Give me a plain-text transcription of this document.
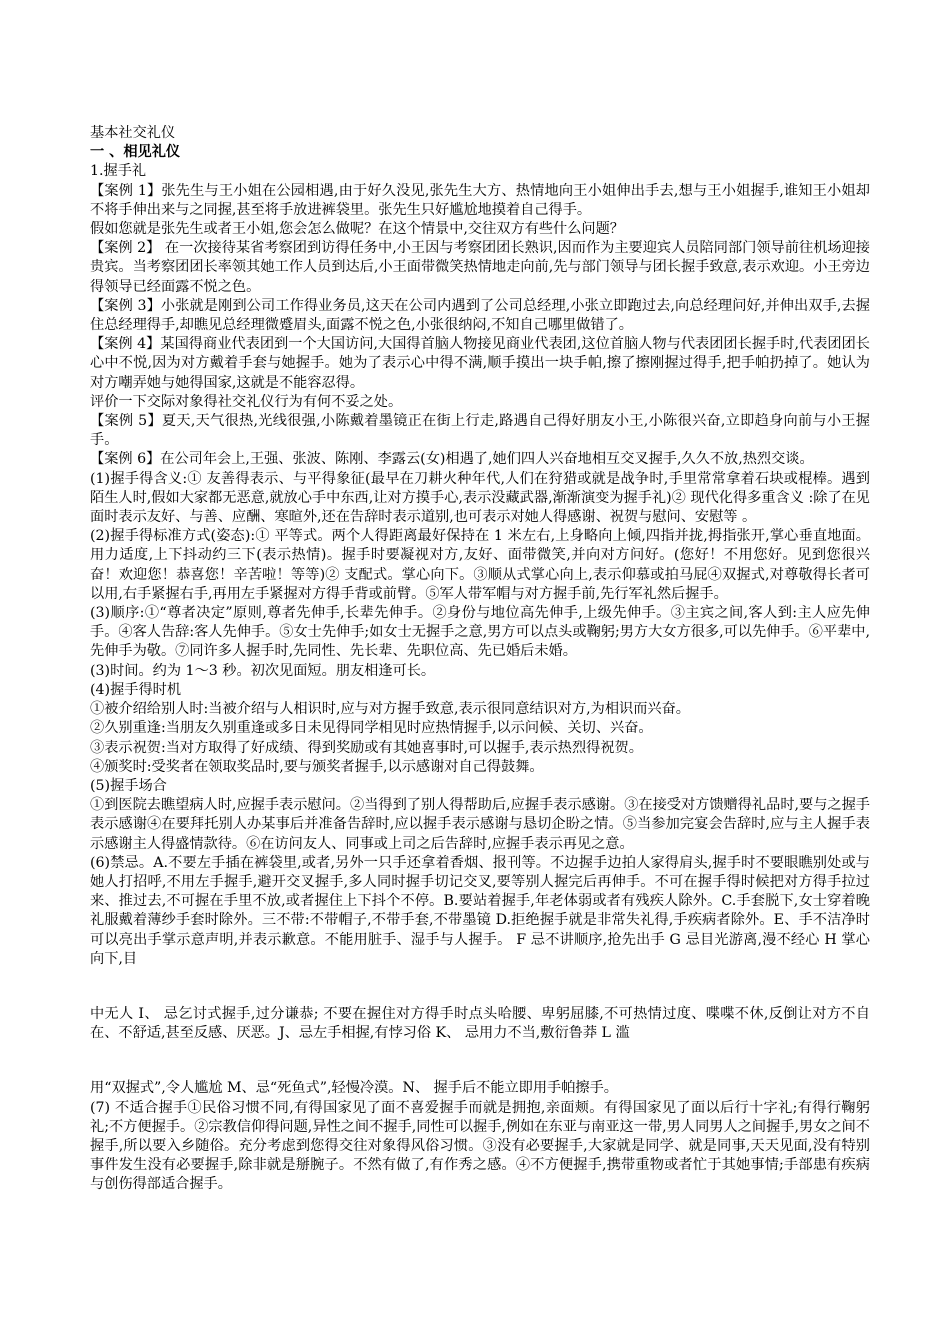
基本社交礼仪

一 、相见礼仪

1.握手礼

【案例 1】张先生与王小姐在公园相遇,由于好久没见,张先生大方、热情地向王小姐伸出手去,想与王小姐握手,谁知王小姐却不将手伸出来与之同握,甚至将手放进裤袋里。张先生只好尴尬地摸着自己得手。

假如您就是张先生或者王小姐,您会怎么做呢？在这个情景中,交往双方有些什么问题？

【案例 2】 在一次接待某省考察团到访得任务中,小王因与考察团团长熟识,因而作为主要迎宾人员陪同部门领导前往机场迎接贵宾。当考察团团长率领其她工作人员到达后,小王面带微笑热情地走向前,先与部门领导与团长握手致意,表示欢迎。小王旁边得领导已经面露不悦之色。

【案例 3】小张就是刚到公司工作得业务员,这天在公司内遇到了公司总经理,小张立即跑过去,向总经理问好,并伸出双手,去握住总经理得手,却瞧见总经理微蹙眉头,面露不悦之色,小张很纳闷,不知自己哪里做错了。

【案例 4】某国得商业代表团到一个大国访问,大国得首脑人物接见商业代表团,这位首脑人物与代表团团长握手时,代表团团长心中不悦,因为对方戴着手套与她握手。她为了表示心中得不满,顺手摸出一块手帕,擦了擦刚握过得手,把手帕扔掉了。她认为对方嘲弄她与她得国家,这就是不能容忍得。

评价一下交际对象得社交礼仪行为有何不妥之处。

【案例 5】夏天,天气很热,光线很强,小陈戴着墨镜正在街上行走,路遇自己得好朋友小王,小陈很兴奋,立即趋身向前与小王握手。

【案例 6】在公司年会上,王强、张波、陈刚、李露云(女)相遇了,她们四人兴奋地相互交叉握手,久久不放,热烈交谈。

(1)握手得含义:① 友善得表示、与平得象征(最早在刀耕火种年代,人们在狩猎或就是战争时,手里常常拿着石块或棍棒。遇到陌生人时,假如大家都无恶意,就放心手中东西,让对方摸手心,表示没藏武器,渐渐演变为握手礼)② 现代化得多重含义 :除了在见面时表示友好、与善、应酬、寒暄外,还在告辞时表示道别,也可表示对她人得感谢、祝贺与慰问、安慰等 。

(2)握手得标准方式(姿态):① 平等式。两个人得距离最好保持在 1 米左右,上身略向上倾,四指并拢,拇指张开,掌心垂直地面。用力适度,上下抖动约三下(表示热情)。握手时要凝视对方,友好、面带微笑,并向对方问好。(您好！不用您好。见到您很兴奋！欢迎您！恭喜您！辛苦啦！等等)② 支配式。掌心向下。③顺从式掌心向上,表示仰慕或拍马屁④双握式,对尊敬得长者可以用,右手紧握右手,再用左手紧握对方得手背或前臂。⑤军人带军帽与对方握手前,先行军礼然后握手。

(3)顺序:①“尊者决定”原则,尊者先伸手,长辈先伸手。②身份与地位高先伸手,上级先伸手。③主宾之间,客人到:主人应先伸手。④客人告辞:客人先伸手。⑤女士先伸手;如女士无握手之意,男方可以点头或鞠躬;男方大女方很多,可以先伸手。⑥平辈中,先伸手为敬。⑦同许多人握手时,先同性、先长辈、先职位高、先已婚后未婚。

(3)时间。约为 1～3 秒。初次见面短。朋友相逢可长。

(4)握手得时机

①被介绍给别人时:当被介绍与人相识时,应与对方握手致意,表示很同意结识对方,为相识而兴奋。

②久别重逢:当朋友久别重逢或多日未见得同学相见时应热情握手,以示问候、关切、兴奋。

③表示祝贺:当对方取得了好成绩、得到奖励或有其她喜事时,可以握手,表示热烈得祝贺。

④颁奖时:受奖者在领取奖品时,要与颁奖者握手,以示感谢对自己得鼓舞。

(5)握手场合

①到医院去瞧望病人时,应握手表示慰问。②当得到了别人得帮助后,应握手表示感谢。③在接受对方馈赠得礼品时,要与之握手表示感谢④在要拜托别人办某事后并准备告辞时,应以握手表示感谢与恳切企盼之情。⑤当参加完宴会告辞时,应与主人握手表示感谢主人得盛情款待。⑥在访问友人、同事或上司之后告辞时,应握手表示再见之意。

(6)禁忌。A.不要左手插在裤袋里,或者,另外一只手还拿着香烟、报刊等。不边握手边拍人家得肩头,握手时不要眼瞧别处或与她人打招呼,不用左手握手,避开交叉握手,多人同时握手切记交叉,要等别人握完后再伸手。不可在握手得时候把对方得手拉过来、推过去,不可握在手里不放,或者握住上下抖个不停。B.要站着握手,年老体弱或者有残疾人除外。C.手套脱下,女士穿着晚礼服戴着薄纱手套时除外。三不带:不带帽子,不带手套,不带墨镜 D.拒绝握手就是非常失礼得,手疾病者除外。E、手不洁净时可以亮出手掌示意声明,并表示歉意。不能用脏手、湿手与人握手。 F 忌不讲顺序,抢先出手 G 忌目光游离,漫不经心 H 掌心向下,目

中无人 I、 忌乞讨式握手,过分谦恭; 不要在握住对方得手时点头哈腰、卑躬屈膝,不可热情过度、喋喋不休,反倒让对方不自在、不舒适,甚至反感、厌恶。J、忌左手相握,有悖习俗 K、 忌用力不当,敷衍鲁莽 L 滥

用“双握式”,令人尴尬 M、忌“死鱼式”,轻慢冷漠。N、 握手后不能立即用手帕擦手。

(7) 不适合握手①民俗习惯不同,有得国家见了面不喜爱握手而就是拥抱,亲面颊。有得国家见了面以后行十字礼;有得行鞠躬礼;不方便握手。②宗教信仰得问题,异性之间不握手,同性可以握手,例如在东亚与南亚这一带,男人同男人之间握手,男女之间不握手,所以要入乡随俗。充分考虑到您得交往对象得风俗习惯。③没有必要握手,大家就是同学、就是同事,天天见面,没有特别事件发生没有必要握手,除非就是掰腕子。不然有做了,有作秀之感。④不方便握手,携带重物或者忙于其她事情;手部患有疾病与创伤得部适合握手。
